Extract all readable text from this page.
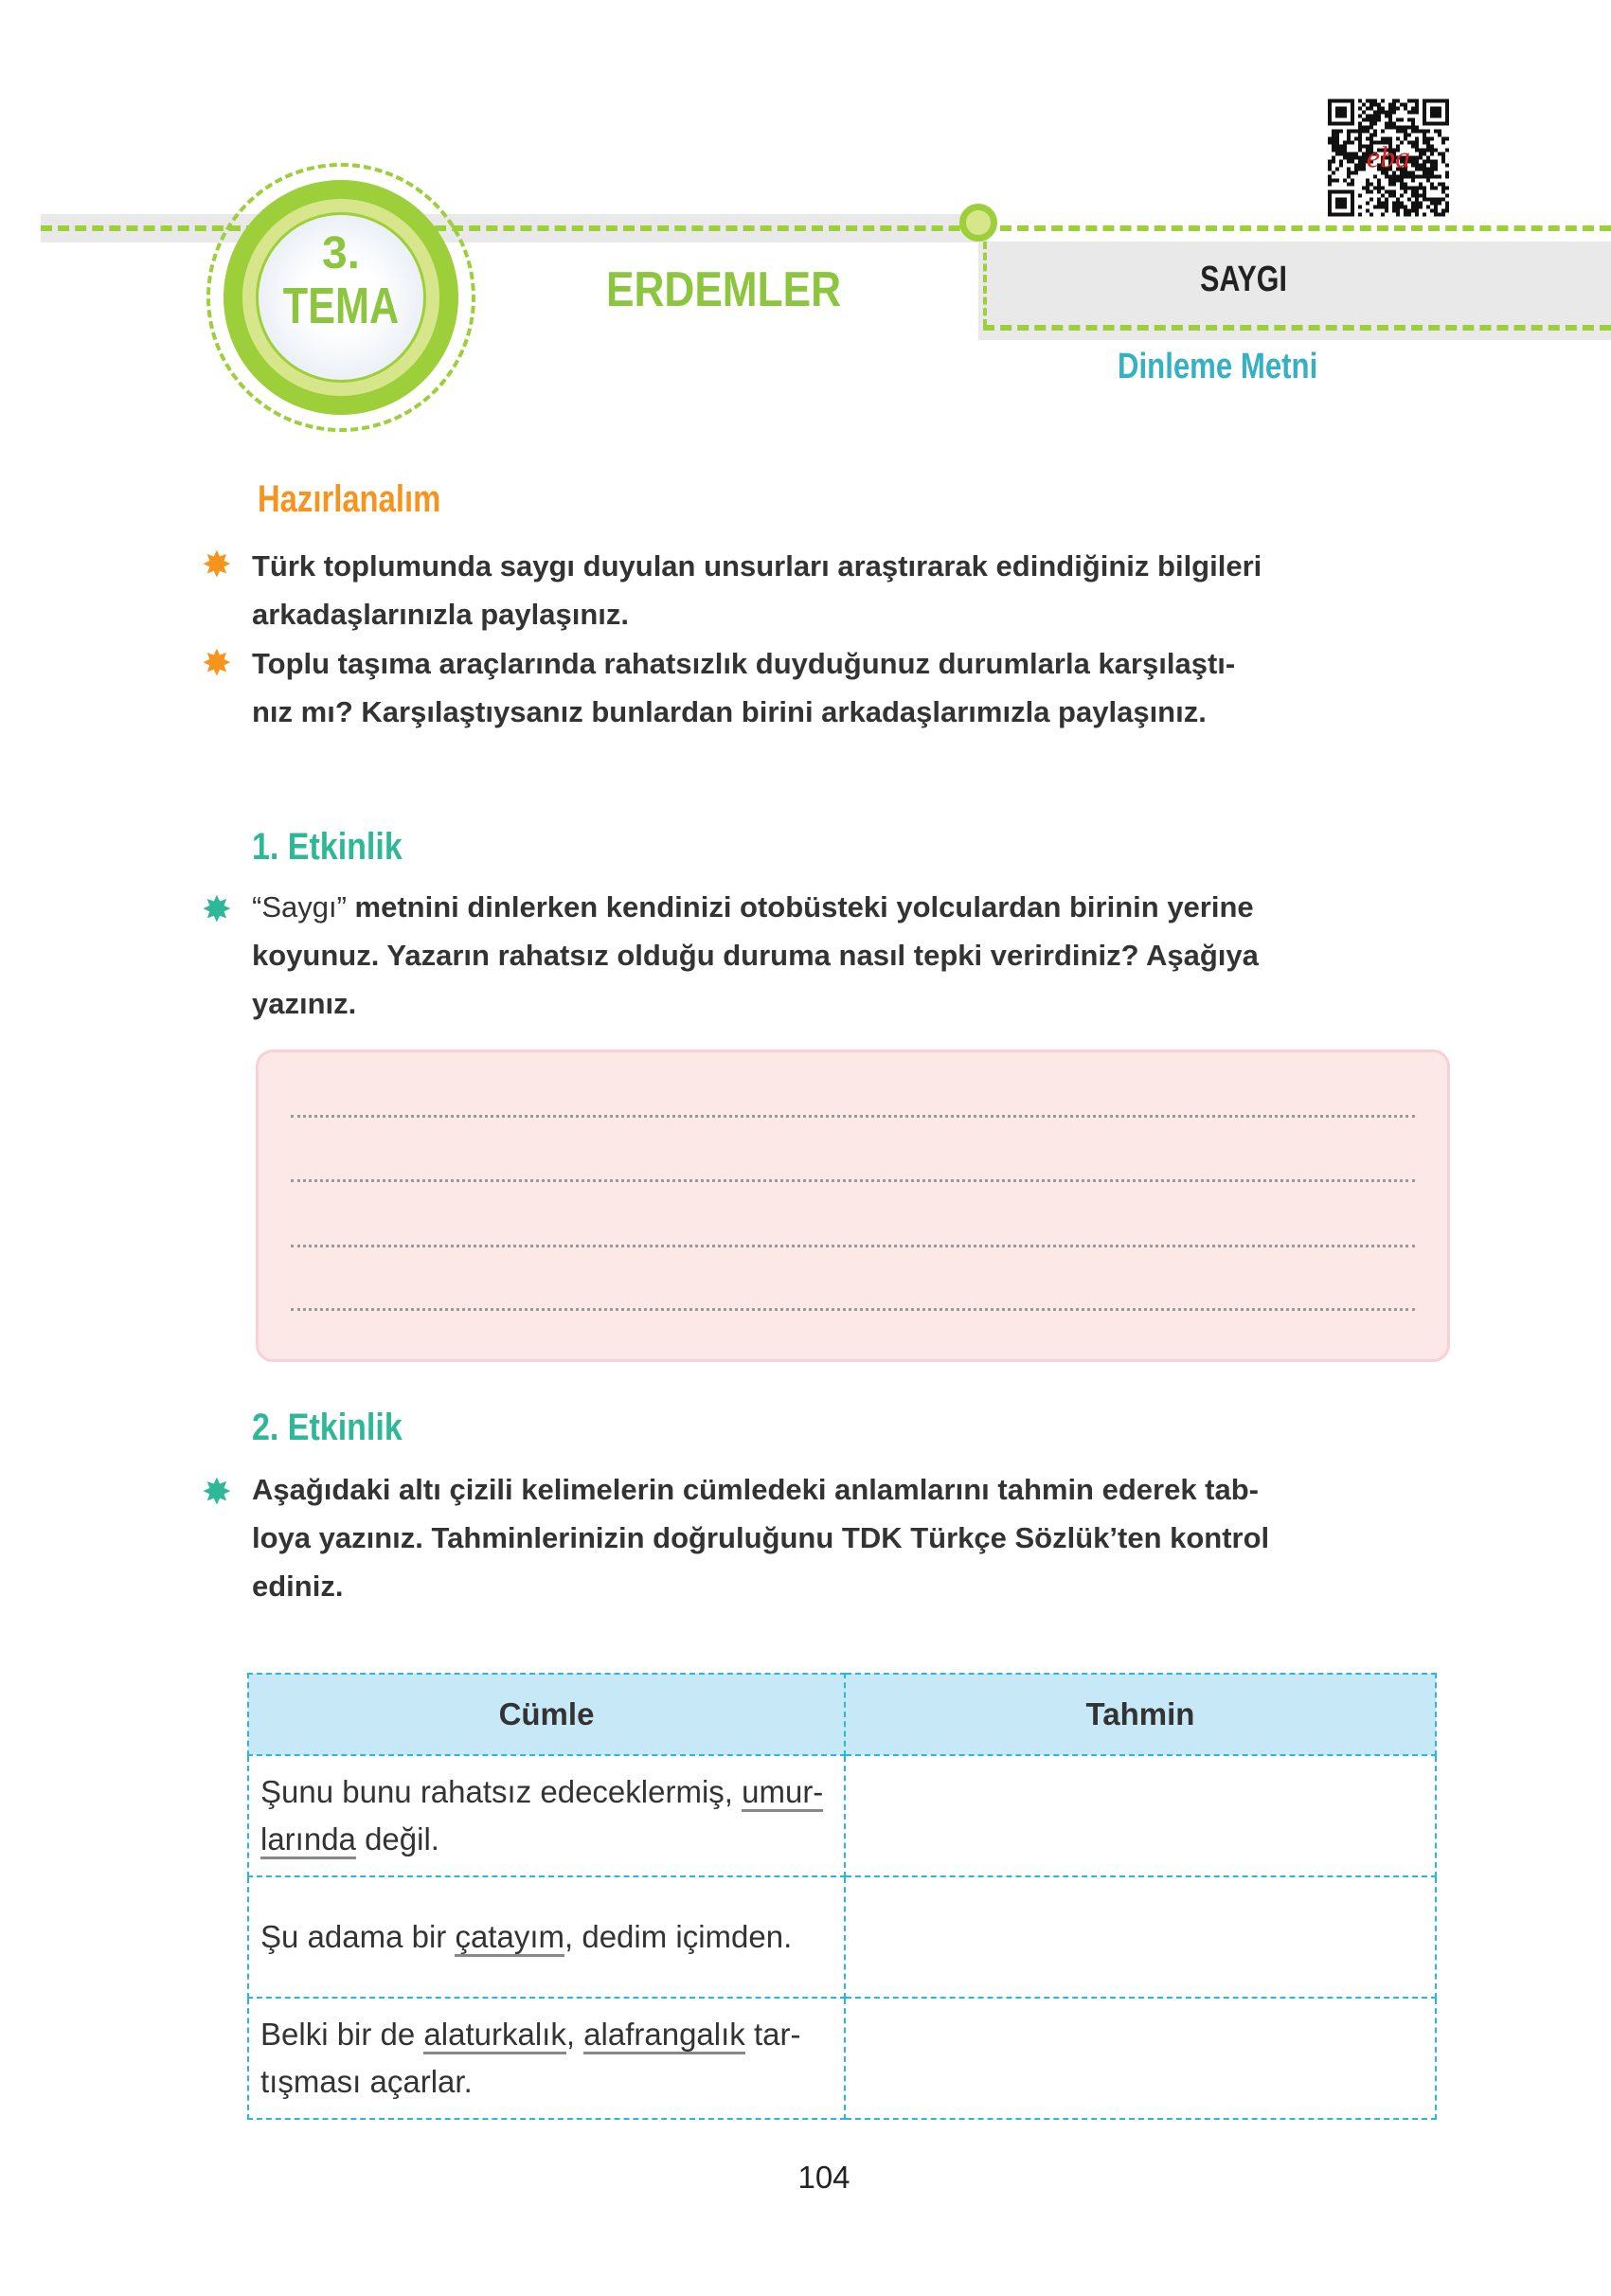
SAYGI
3.
TEMA	ERDEMLER
Dinleme Metni
eba
Hazırlanalım
✸ Türk toplumunda saygı duyulan unsurları araştırarak edindiğiniz bilgileri
arkadaşlarınızla paylaşınız.
✸ Toplu taşıma araçlarında rahatsızlık duyduğunuz durumlarla karşılaştı-
nız mı? Karşılaştıysanız bunlardan birini arkadaşlarımızla paylaşınız.
1. Etkinlik
✸ “Saygı” metnini dinlerken kendinizi otobüsteki yolculardan birinin yerine
koyunuz. Yazarın rahatsız olduğu duruma nasıl tepki verirdiniz? Aşağıya
yazınız.
2. Etkinlik
✸ Aşağıdaki altı çizili kelimelerin cümledeki anlamlarını tahmin ederek tab-
loya yazınız. Tahminlerinizin doğruluğunu TDK Türkçe Sözlük’ten kontrol
ediniz.
Cümle	Tahmin
Şunu bunu rahatsız edeceklermiş, umur-
larında değil.	
Şu adama bir çatayım, dedim içimden.	
Belki bir de alaturkalık, alafrangalık tar-
tışması açarlar.	
104
